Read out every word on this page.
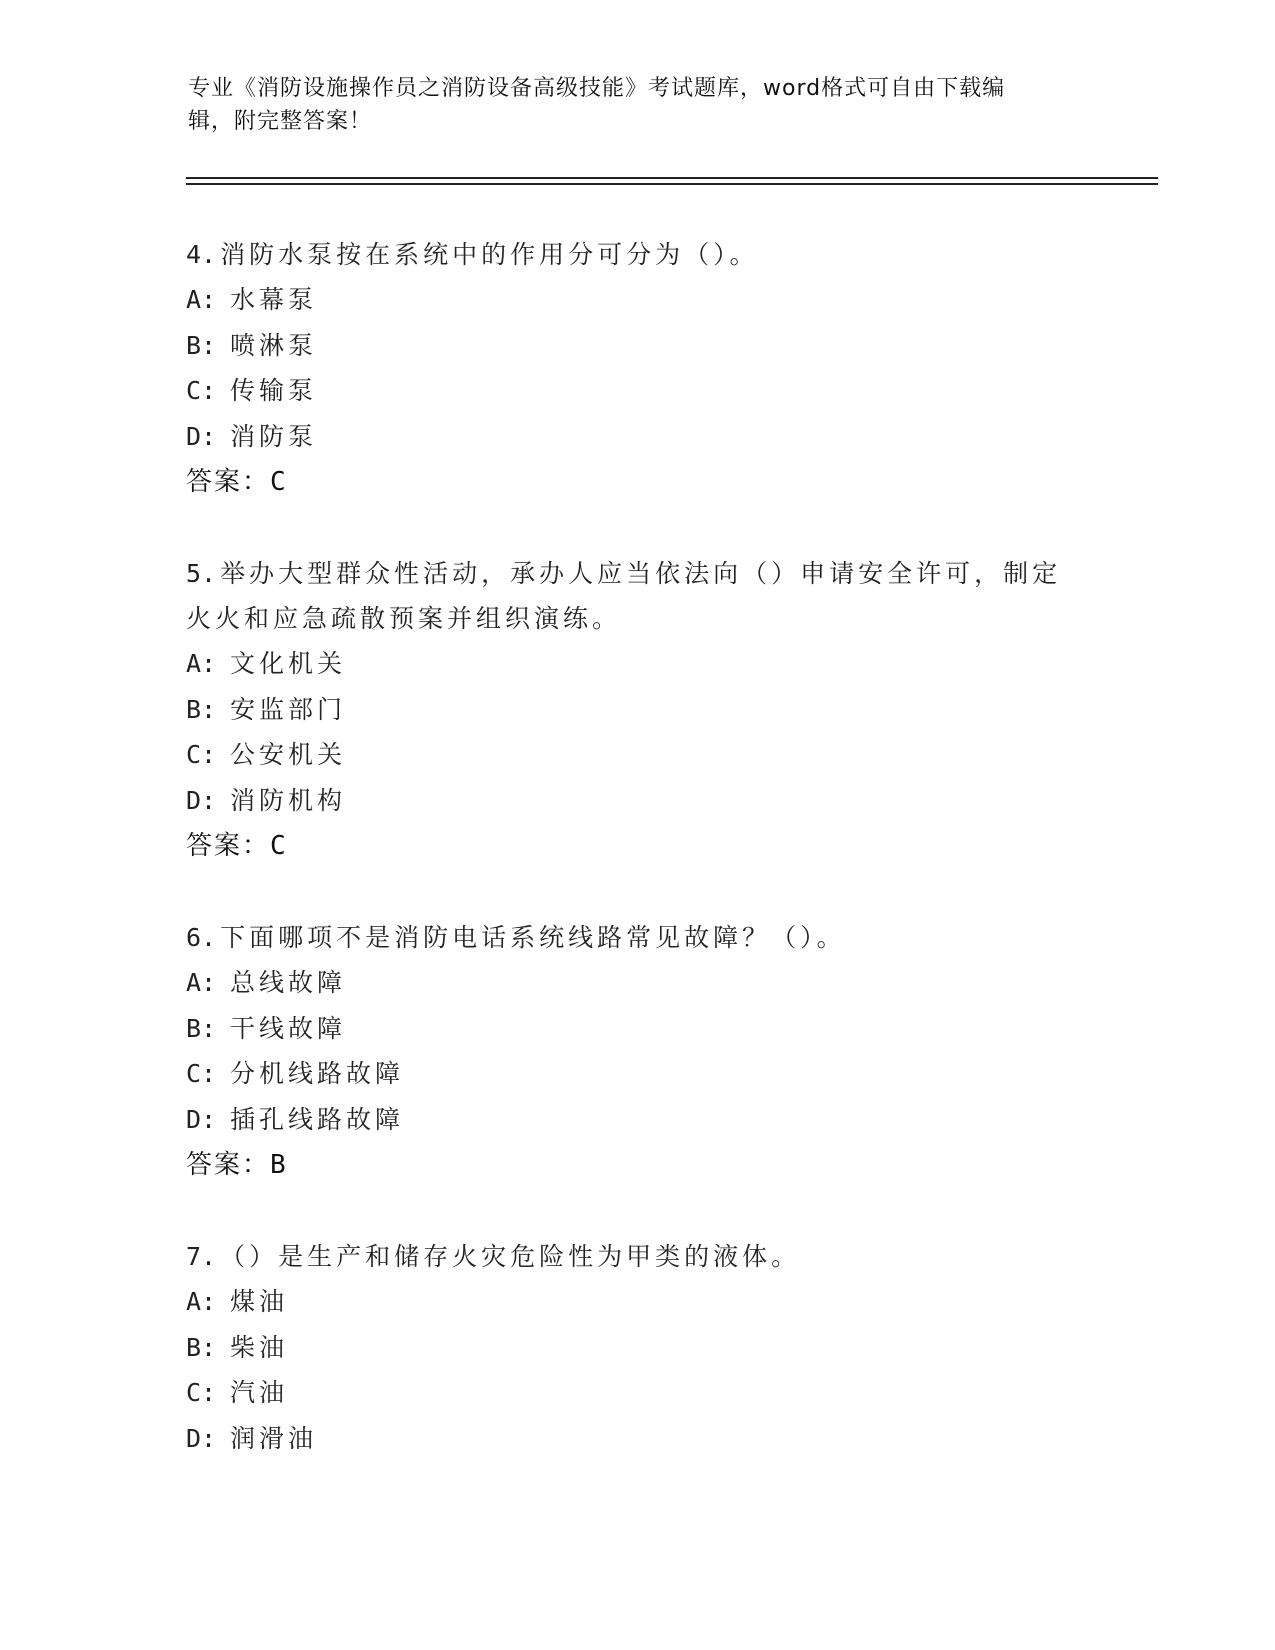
专业《消防设施操作员之消防设备高级技能》考试题库，word格式可自由下载编
辑，附完整答案！
4. 消防水泵按在系统中的作用分可分为（）。
A: 水幕泵
B: 喷淋泵
C: 传输泵
D: 消防泵
答案：C
5. 举办大型群众性活动，承办人应当依法向（）申请安全许可，制定
火火和应急疏散预案并组织演练。
A: 文化机关
B: 安监部门
C: 公安机关
D: 消防机构
答案：C
6. 下面哪项不是消防电话系统线路常见故障？（）。
A: 总线故障
B: 干线故障
C: 分机线路故障
D: 插孔线路故障
答案：B
7. （）是生产和储存火灾危险性为甲类的液体。
A: 煤油
B: 柴油
C: 汽油
D: 润滑油
